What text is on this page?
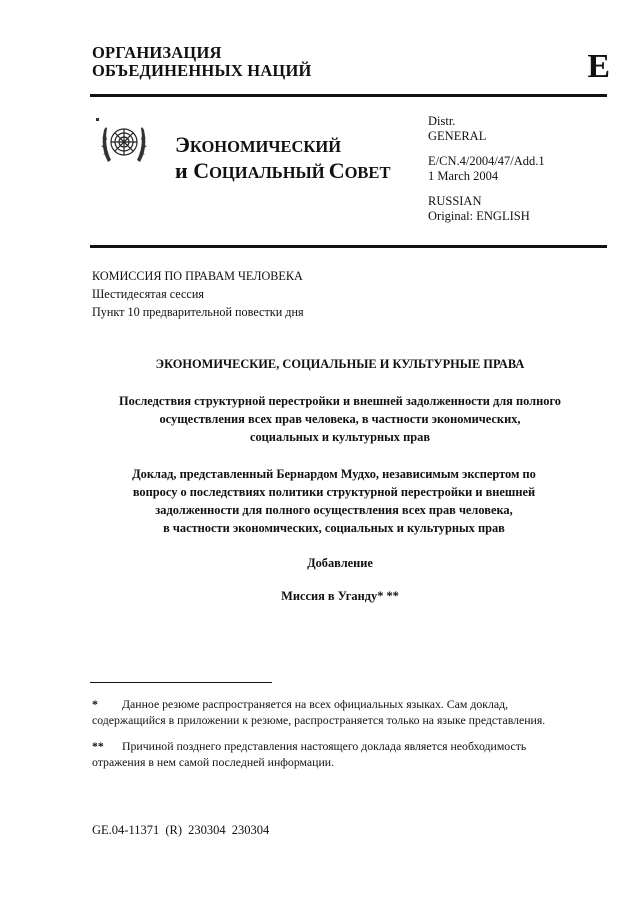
ОРГАНИЗАЦИЯ
ОБЪЕДИНЕННЫХ НАЦИЙ	E
ЭКОНОМИЧЕСКИЙ
и СОЦИАЛЬНЫЙ СОВЕТ
Distr.
GENERAL
E/CN.4/2004/47/Add.1
1 March 2004
RUSSIAN
Original: ENGLISH
КОМИССИЯ ПО ПРАВАМ ЧЕЛОВЕКА
Шестидесятая сессия
Пункт 10 предварительной повестки дня
ЭКОНОМИЧЕСКИЕ, СОЦИАЛЬНЫЕ И КУЛЬТУРНЫЕ ПРАВА
Последствия структурной перестройки и внешней задолженности для полного
осуществления всех прав человека, в частности экономических,
социальных и культурных прав
Доклад, представленный Бернардом Мудхо, независимым экспертом по
вопросу о последствиях политики структурной перестройки и внешней
задолженности для полного осуществления всех прав человека,
в частности экономических, социальных и культурных прав
Добавление
Миссия в Уганду* **
* Данное резюме распространяется на всех официальных языках. Сам доклад,
содержащийся в приложении к резюме, распространяется только на языке представления.
** Причиной позднего представления настоящего доклада является необходимость
отражения в нем самой последней информации.
GE.04-11371 (R) 230304 230304
